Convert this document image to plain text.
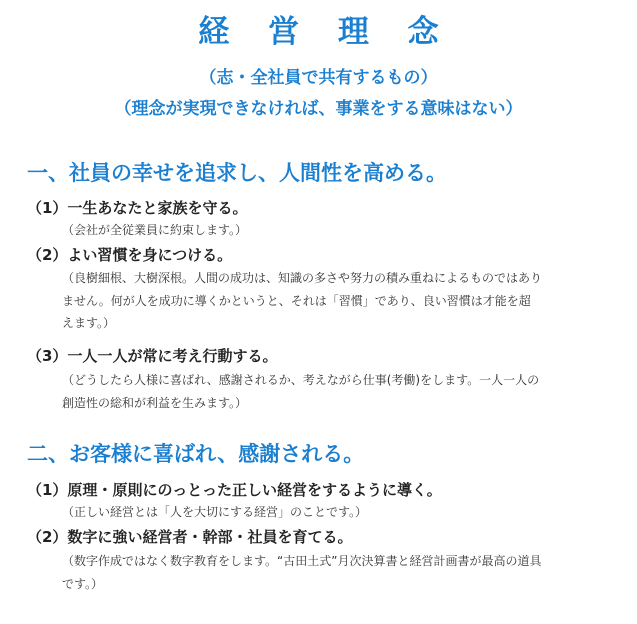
経 営 理 念
（志・全社員で共有するもの）
（理念が実現できなければ、事業をする意味はない）
一、社員の幸せを追求し、人間性を高める。
（1）一生あなたと家族を守る。
（会社が全従業員に約束します。）
（2）よい習慣を身につける。
（良樹細根、大樹深根。人間の成功は、知識の多さや努力の積み重ねによるものではあり
ません。何が人を成功に導くかというと、それは「習慣」であり、良い習慣は才能を超
えます。）
（3）一人一人が常に考え行動する。
（どうしたら人様に喜ばれ、感謝されるか、考えながら仕事(考働)をします。一人一人の
創造性の総和が利益を生みます。）
二、お客様に喜ばれ、感謝される。
（1）原理・原則にのっとった正しい経営をするように導く。
（正しい経営とは「人を大切にする経営」のことです。）
（2）数字に強い経営者・幹部・社員を育てる。
（数字作成ではなく数字教育をします。“古田土式”月次決算書と経営計画書が最高の道具
です。）
